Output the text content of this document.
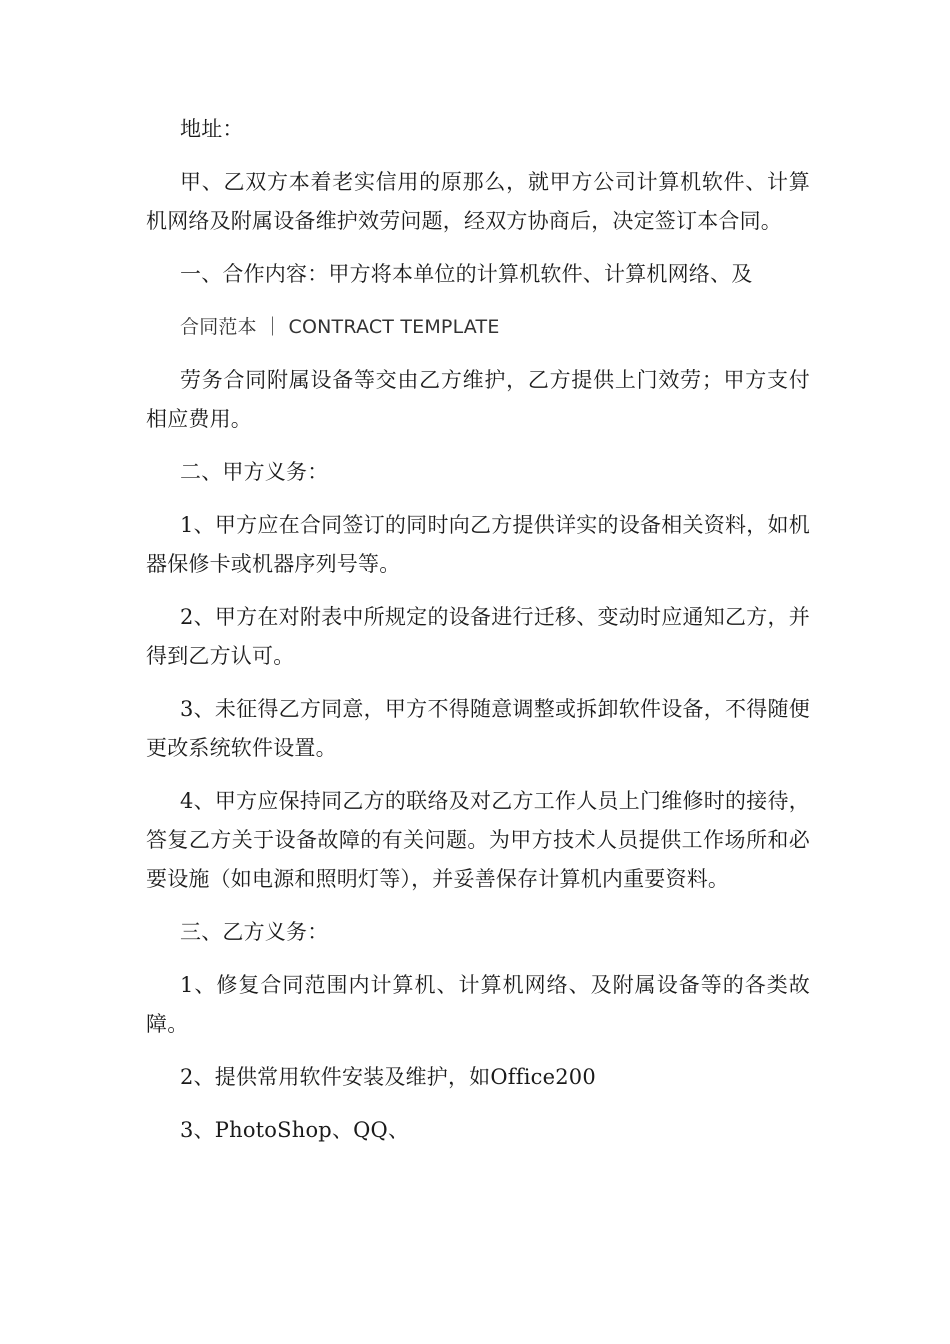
地址：

甲、乙双方本着老实信用的原那么，就甲方公司计算机软件、计算机网络及附属设备维护效劳问题，经双方协商后，决定签订本合同。

一、合作内容：甲方将本单位的计算机软件、计算机网络、及

合同范本 ｜ CONTRACT TEMPLATE

劳务合同附属设备等交由乙方维护，乙方提供上门效劳；甲方支付相应费用。

二、甲方义务：

1、甲方应在合同签订的同时向乙方提供详实的设备相关资料，如机器保修卡或机器序列号等。

2、甲方在对附表中所规定的设备进行迁移、变动时应通知乙方，并得到乙方认可。

3、未征得乙方同意，甲方不得随意调整或拆卸软件设备，不得随便更改系统软件设置。

4、甲方应保持同乙方的联络及对乙方工作人员上门维修时的接待，答复乙方关于设备故障的有关问题。为甲方技术人员提供工作场所和必要设施（如电源和照明灯等），并妥善保存计算机内重要资料。

三、乙方义务：

1、修复合同范围内计算机、计算机网络、及附属设备等的各类故障。

2、提供常用软件安装及维护，如Office200

3、PhotoShop、QQ、
